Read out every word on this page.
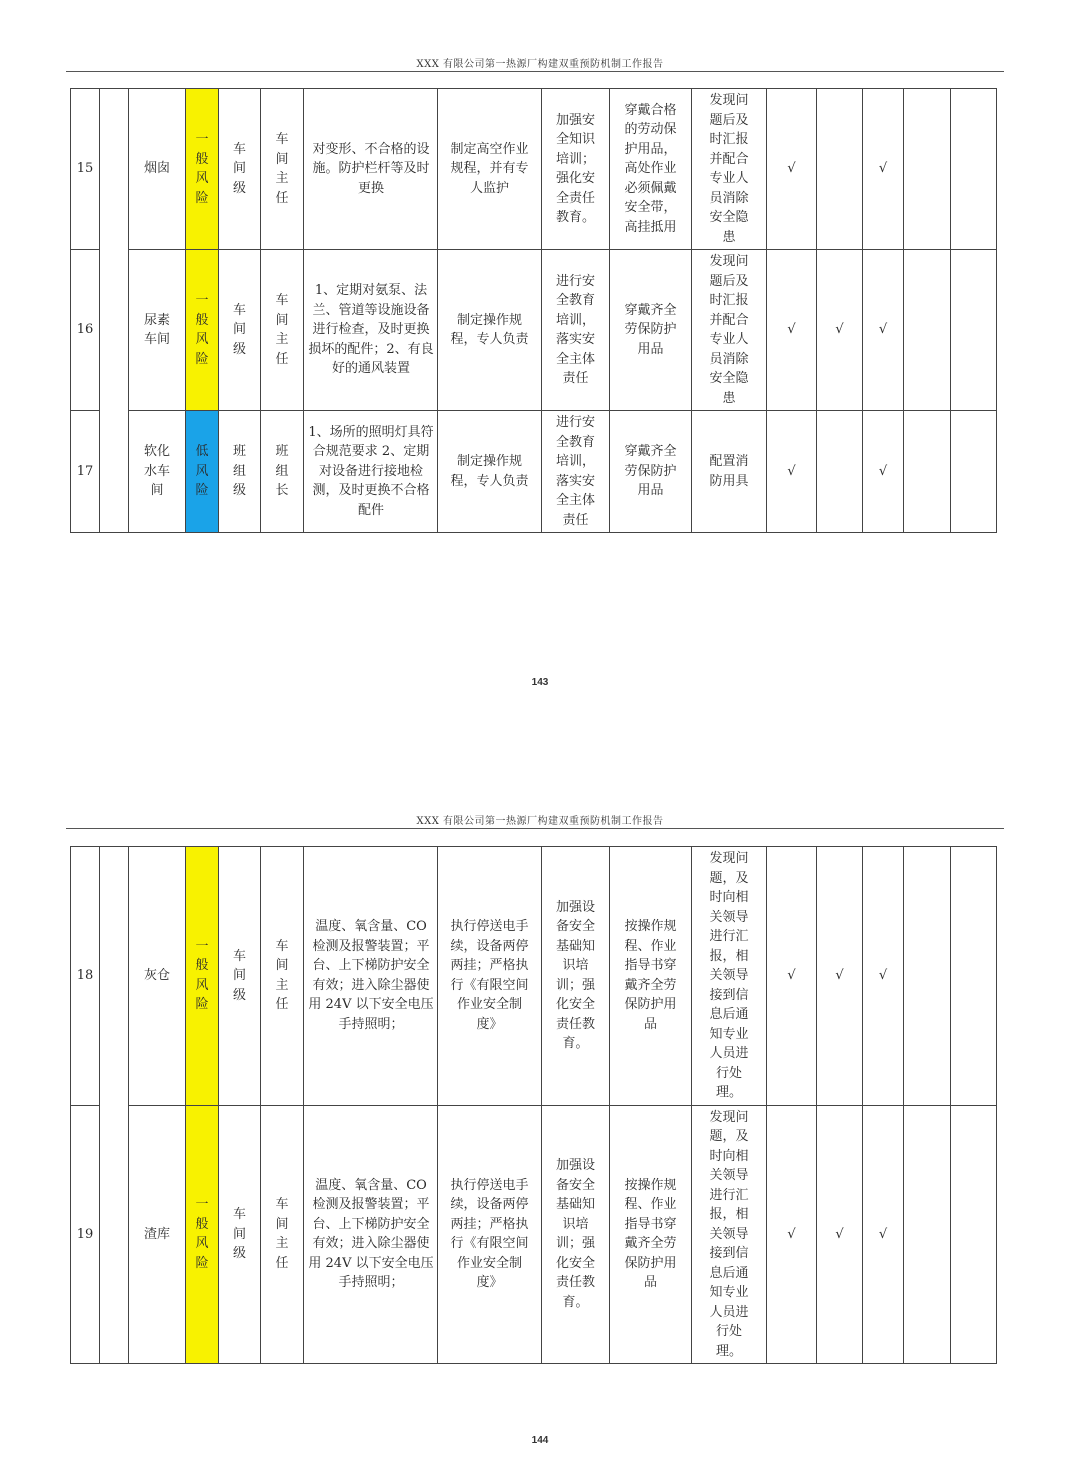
XXX 有限公司第一热源厂构建双重预防机制工作报告
15		烟囱	一般风险	车间级	车间主任	对变形、不合格的设施。防护栏杆等及时更换	制定高空作业规程，并有专人监护	加强安全知识培训；强化安全责任教育。	穿戴合格的劳动保护用品，高处作业必须佩戴安全带，高挂抵用	发现问题后及时汇报并配合专业人员消除安全隐患	√		√		
16		尿素车间	一般风险	车间级	车间主任	1、定期对氨泵、法兰、管道等设施设备进行检查，及时更换损坏的配件；2、有良好的通风装置	制定操作规程，专人负责	进行安全教育培训，落实安全主体责任	穿戴齐全劳保防护用品	发现问题后及时汇报并配合专业人员消除安全隐患	√	√	√		
17		软化水车间	低风险	班组级	班组长	1、场所的照明灯具符合规范要求 2、定期对设备进行接地检测，及时更换不合格配件	制定操作规程，专人负责	进行安全教育培训，落实安全主体责任	穿戴齐全劳保防护用品	配置消防用具	√		√		
143
XXX 有限公司第一热源厂构建双重预防机制工作报告
18		灰仓	一般风险	车间级	车间主任	温度、氧含量、CO 检测及报警装置；平台、上下梯防护安全有效；进入除尘器使用 24V 以下安全电压手持照明；	执行停送电手续，设备两停两挂；严格执行《有限空间作业安全制度》	加强设备安全基础知识培训；强化安全责任教育。	按操作规程、作业指导书穿戴齐全劳保防护用品	发现问题，及时向相关领导进行汇报，相关领导接到信息后通知专业人员进行处理。	√	√	√		
19		渣库	一般风险	车间级	车间主任	温度、氧含量、CO 检测及报警装置；平台、上下梯防护安全有效；进入除尘器使用 24V 以下安全电压手持照明；	执行停送电手续，设备两停两挂；严格执行《有限空间作业安全制度》	加强设备安全基础知识培训；强化安全责任教育。	按操作规程、作业指导书穿戴齐全劳保防护用品	发现问题，及时向相关领导进行汇报，相关领导接到信息后通知专业人员进行处理。	√	√	√		
144
